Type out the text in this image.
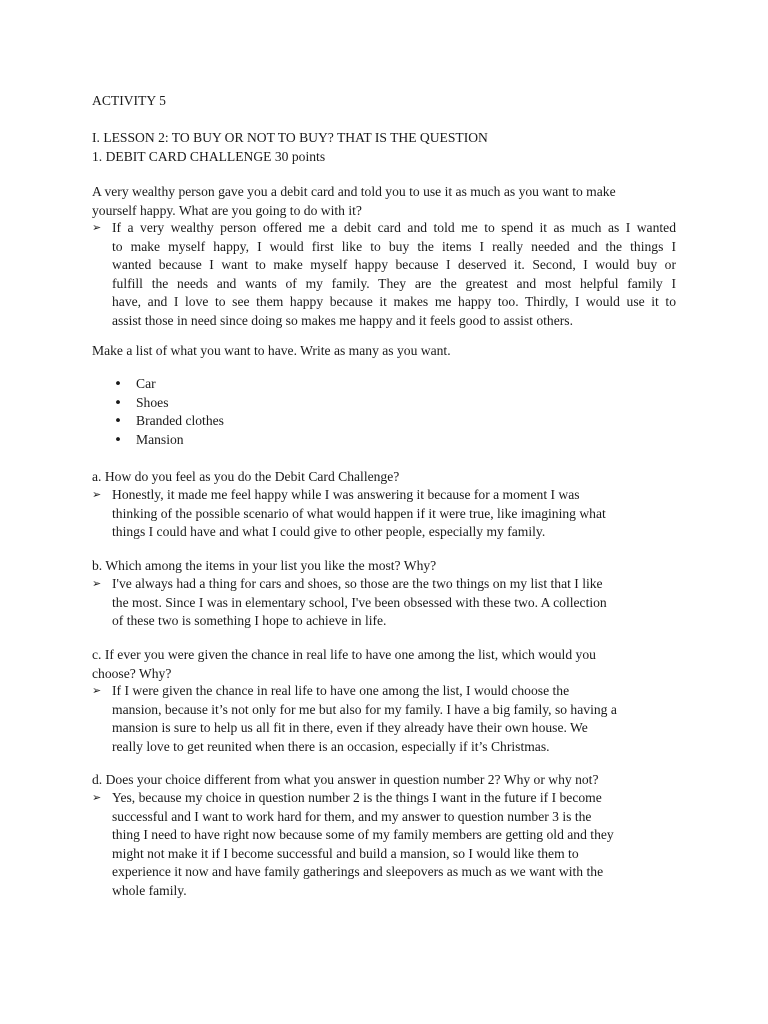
ACTIVITY 5
I. LESSON 2: TO BUY OR NOT TO BUY? THAT IS THE QUESTION
1. DEBIT CARD CHALLENGE 30 points
A very wealthy person gave you a debit card and told you to use it as much as you want to make
yourself happy. What are you going to do with it?
➢ If a very wealthy person offered me a debit card and told me to spend it as much as I wanted
to make myself happy, I would first like to buy the items I really needed and the things I
wanted because I want to make myself happy because I deserved it. Second, I would buy or
fulfill the needs and wants of my family. They are the greatest and most helpful family I
have, and I love to see them happy because it makes me happy too. Thirdly, I would use it to
assist those in need since doing so makes me happy and it feels good to assist others.
Make a list of what you want to have. Write as many as you want.
• Car
• Shoes
• Branded clothes
• Mansion
a. How do you feel as you do the Debit Card Challenge?
➢ Honestly, it made me feel happy while I was answering it because for a moment I was
thinking of the possible scenario of what would happen if it were true, like imagining what
things I could have and what I could give to other people, especially my family.
b. Which among the items in your list you like the most? Why?
➢ I've always had a thing for cars and shoes, so those are the two things on my list that I like
the most. Since I was in elementary school, I've been obsessed with these two. A collection
of these two is something I hope to achieve in life.
c. If ever you were given the chance in real life to have one among the list, which would you
choose? Why?
➢ If I were given the chance in real life to have one among the list, I would choose the
mansion, because it’s not only for me but also for my family. I have a big family, so having a
mansion is sure to help us all fit in there, even if they already have their own house. We
really love to get reunited when there is an occasion, especially if it’s Christmas.
d. Does your choice different from what you answer in question number 2? Why or why not?
➢ Yes, because my choice in question number 2 is the things I want in the future if I become
successful and I want to work hard for them, and my answer to question number 3 is the
thing I need to have right now because some of my family members are getting old and they
might not make it if I become successful and build a mansion, so I would like them to
experience it now and have family gatherings and sleepovers as much as we want with the
whole family.
